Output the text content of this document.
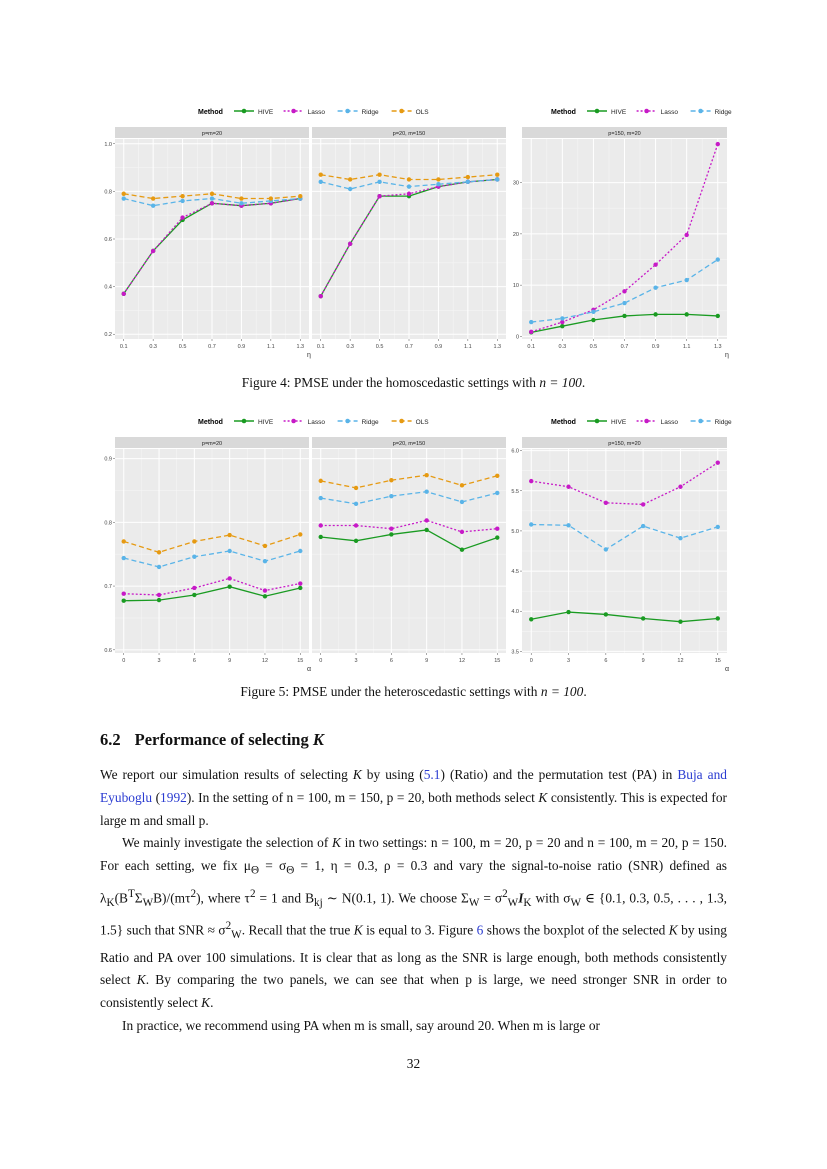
Method	HIVE	Lasso	Ridge	OLS	Method	HIVE	Lasso	Ridge
p=m=20
0.2
0.4
0.6
0.8
1.0
0.1	0.3	0.5	0.7	0.9	1.1	1.3
η
p=20, m=150
0.1	0.3	0.5	0.7	0.9	1.1	1.3
p=150, m=20
0
10
20
30
0.1	0.3	0.5	0.7	0.9	1.1	1.3
η
Figure 4: PMSE under the homoscedastic settings with n = 100.
Method	HIVE	Lasso	Ridge	OLS	Method	HIVE	Lasso	Ridge
p=m=20
0.6
0.7
0.8
0.9
0	3	6	9	12	15
α
p=20, m=150
0	3	6	9	12	15
p=150, m=20
3.5
4.0
4.5
5.0
5.5
6.0
0	3	6	9	12	15
α
Figure 5: PMSE under the heteroscedastic settings with n = 100.
6.2 Performance of selecting K

We report our simulation results of selecting K by using (5.1) (Ratio) and the permutation test (PA) in Buja and Eyuboglu (1992). In the setting of n = 100, m = 150, p = 20, both methods select K consistently. This is expected for large m and small p.

We mainly investigate the selection of K in two settings: n = 100, m = 20, p = 20 and n = 100, m = 20, p = 150. For each setting, we fix $\mu_\Theta = \sigma_\Theta = 1$, η = 0.3, ρ = 0.3 and vary the signal-to-noise ratio (SNR) defined as $\lambda_K(B^T\Sigma_WB)/(m\tau^2)$, where $\tau^2 = 1$ and $B_{kj}$ ∼ N(0.1, 1). We choose $\Sigma_W = \sigma^2_WI_K$ with $\sigma_W$ ∈ {0.1, 0.3, 0.5, . . . , 1.3, 1.5} such that SNR ≈ $\sigma^2_W$. Recall that the true K is equal to 3. Figure 6 shows the boxplot of the selected K by using Ratio and PA over 100 simulations. It is clear that as long as the SNR is large enough, both methods consistently select K. By comparing the two panels, we can see that when p is large, we need stronger SNR in order to consistently select K.

In practice, we recommend using PA when m is small, say around 20. When m is large or

32
